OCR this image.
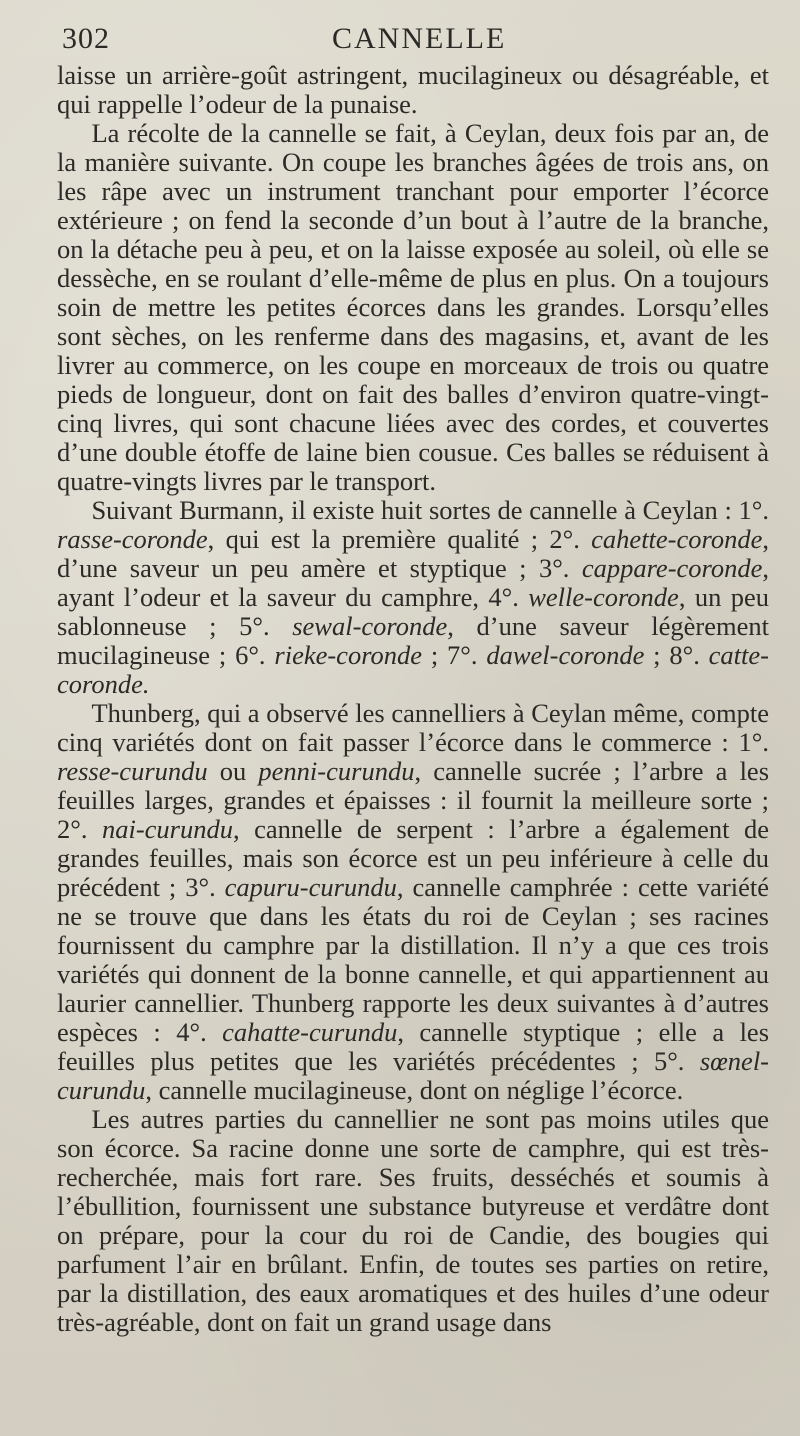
302	CANNELLE

laisse un arrière-goût astringent, mucilagineux ou désagréable, et qui rappelle l’odeur de la punaise.

La récolte de la cannelle se fait, à Ceylan, deux fois par an, de la manière suivante. On coupe les branches âgées de trois ans, on les râpe avec un instrument tranchant pour emporter l’écorce extérieure ; on fend la seconde d’un bout à l’autre de la branche, on la détache peu à peu, et on la laisse exposée au soleil, où elle se dessèche, en se roulant d’elle-même de plus en plus. On a toujours soin de mettre les petites écorces dans les grandes. Lorsqu’elles sont sèches, on les renferme dans des magasins, et, avant de les livrer au commerce, on les coupe en morceaux de trois ou quatre pieds de longueur, dont on fait des balles d’environ quatre-vingt-cinq livres, qui sont chacune liées avec des cordes, et couvertes d’une double étoffe de laine bien cousue. Ces balles se réduisent à quatre-vingts livres par le transport.

Suivant Burmann, il existe huit sortes de cannelle à Ceylan : 1°. rasse-coronde, qui est la première qualité ; 2°. cahette-coronde, d’une saveur un peu amère et styptique ; 3°. cappare-coronde, ayant l’odeur et la saveur du camphre, 4°. welle-coronde, un peu sablonneuse ; 5°. sewal-coronde, d’une saveur légèrement mucilagineuse ; 6°. rieke-coronde ; 7°. dawel-coronde ; 8°. catte-coronde.

Thunberg, qui a observé les cannelliers à Ceylan même, compte cinq variétés dont on fait passer l’écorce dans le commerce : 1°. resse-curundu ou penni-curundu, cannelle sucrée ; l’arbre a les feuilles larges, grandes et épaisses : il fournit la meilleure sorte ; 2°. nai-curundu, cannelle de serpent : l’arbre a également de grandes feuilles, mais son écorce est un peu inférieure à celle du précédent ; 3°. capuru-curundu, cannelle camphrée : cette variété ne se trouve que dans les états du roi de Ceylan ; ses racines fournissent du camphre par la distillation. Il n’y a que ces trois variétés qui donnent de la bonne cannelle, et qui appartiennent au laurier cannellier. Thunberg rapporte les deux suivantes à d’autres espèces : 4°. cahatte-curundu, cannelle styptique ; elle a les feuilles plus petites que les variétés précédentes ; 5°. sœnel-curundu, cannelle mucilagineuse, dont on néglige l’écorce.

Les autres parties du cannellier ne sont pas moins utiles que son écorce. Sa racine donne une sorte de camphre, qui est très-recherchée, mais fort rare. Ses fruits, desséchés et soumis à l’ébullition, fournissent une substance butyreuse et verdâtre dont on prépare, pour la cour du roi de Candie, des bougies qui parfument l’air en brûlant. Enfin, de toutes ses parties on retire, par la distillation, des eaux aromatiques et des huiles d’une odeur très-agréable, dont on fait un grand usage dans
